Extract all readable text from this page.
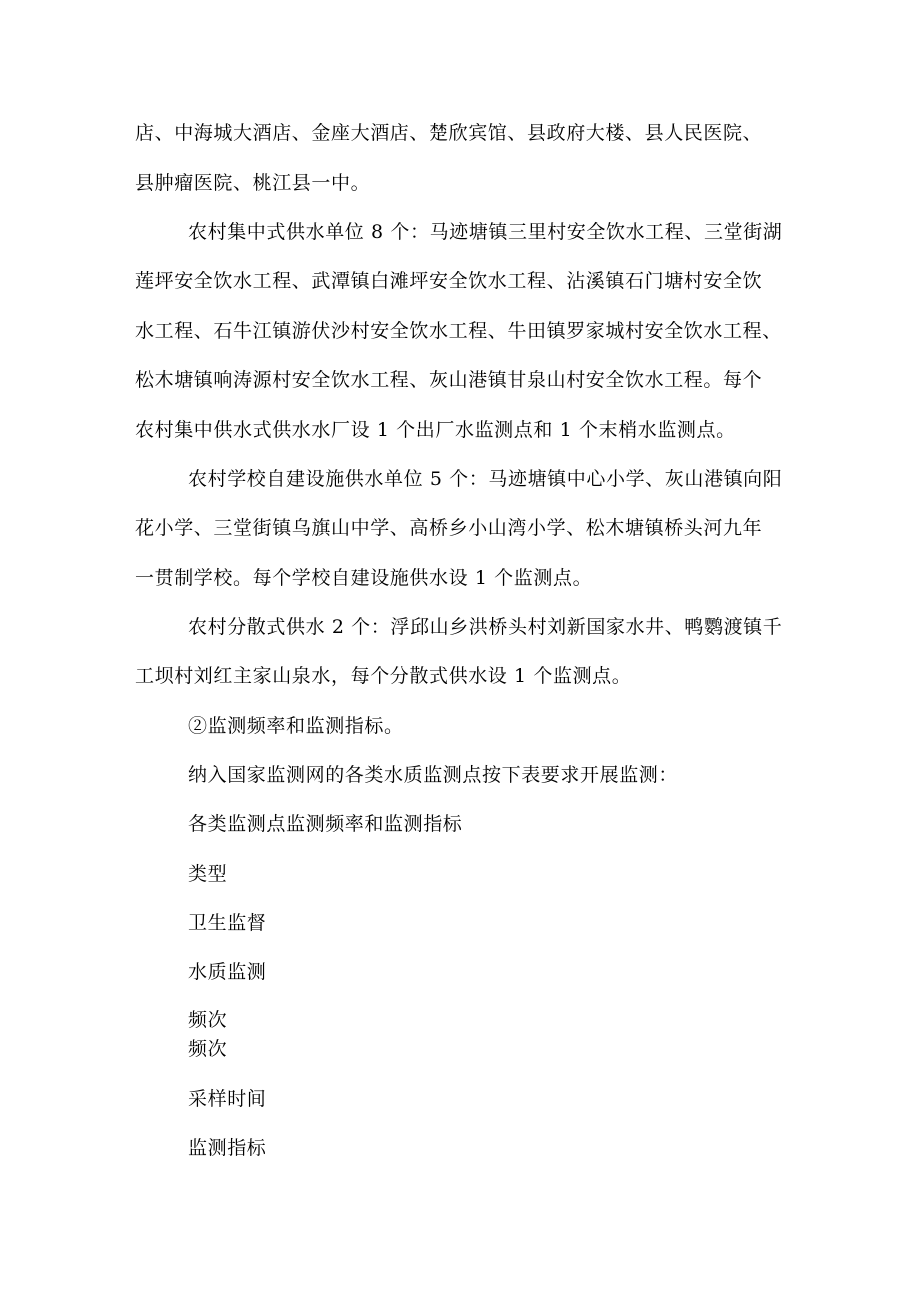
店、中海城大酒店、金座大酒店、楚欣宾馆、县政府大楼、县人民医院、
县肿瘤医院、桃江县一中。
农村集中式供水单位 8 个：马迹塘镇三里村安全饮水工程、三堂街湖
莲坪安全饮水工程、武潭镇白滩坪安全饮水工程、沾溪镇石门塘村安全饮
水工程、石牛江镇游伏沙村安全饮水工程、牛田镇罗家城村安全饮水工程、
松木塘镇响涛源村安全饮水工程、灰山港镇甘泉山村安全饮水工程。每个
农村集中供水式供水水厂设 1 个出厂水监测点和 1 个末梢水监测点。
农村学校自建设施供水单位 5 个：马迹塘镇中心小学、灰山港镇向阳
花小学、三堂街镇乌旗山中学、高桥乡小山湾小学、松木塘镇桥头河九年
一贯制学校。每个学校自建设施供水设 1 个监测点。
农村分散式供水 2 个：浮邱山乡洪桥头村刘新国家水井、鸭鹦渡镇千
工坝村刘红主家山泉水，每个分散式供水设 1 个监测点。
②监测频率和监测指标。
纳入国家监测网的各类水质监测点按下表要求开展监测：
各类监测点监测频率和监测指标
类型
卫生监督
水质监测
频次
频次
采样时间
监测指标
